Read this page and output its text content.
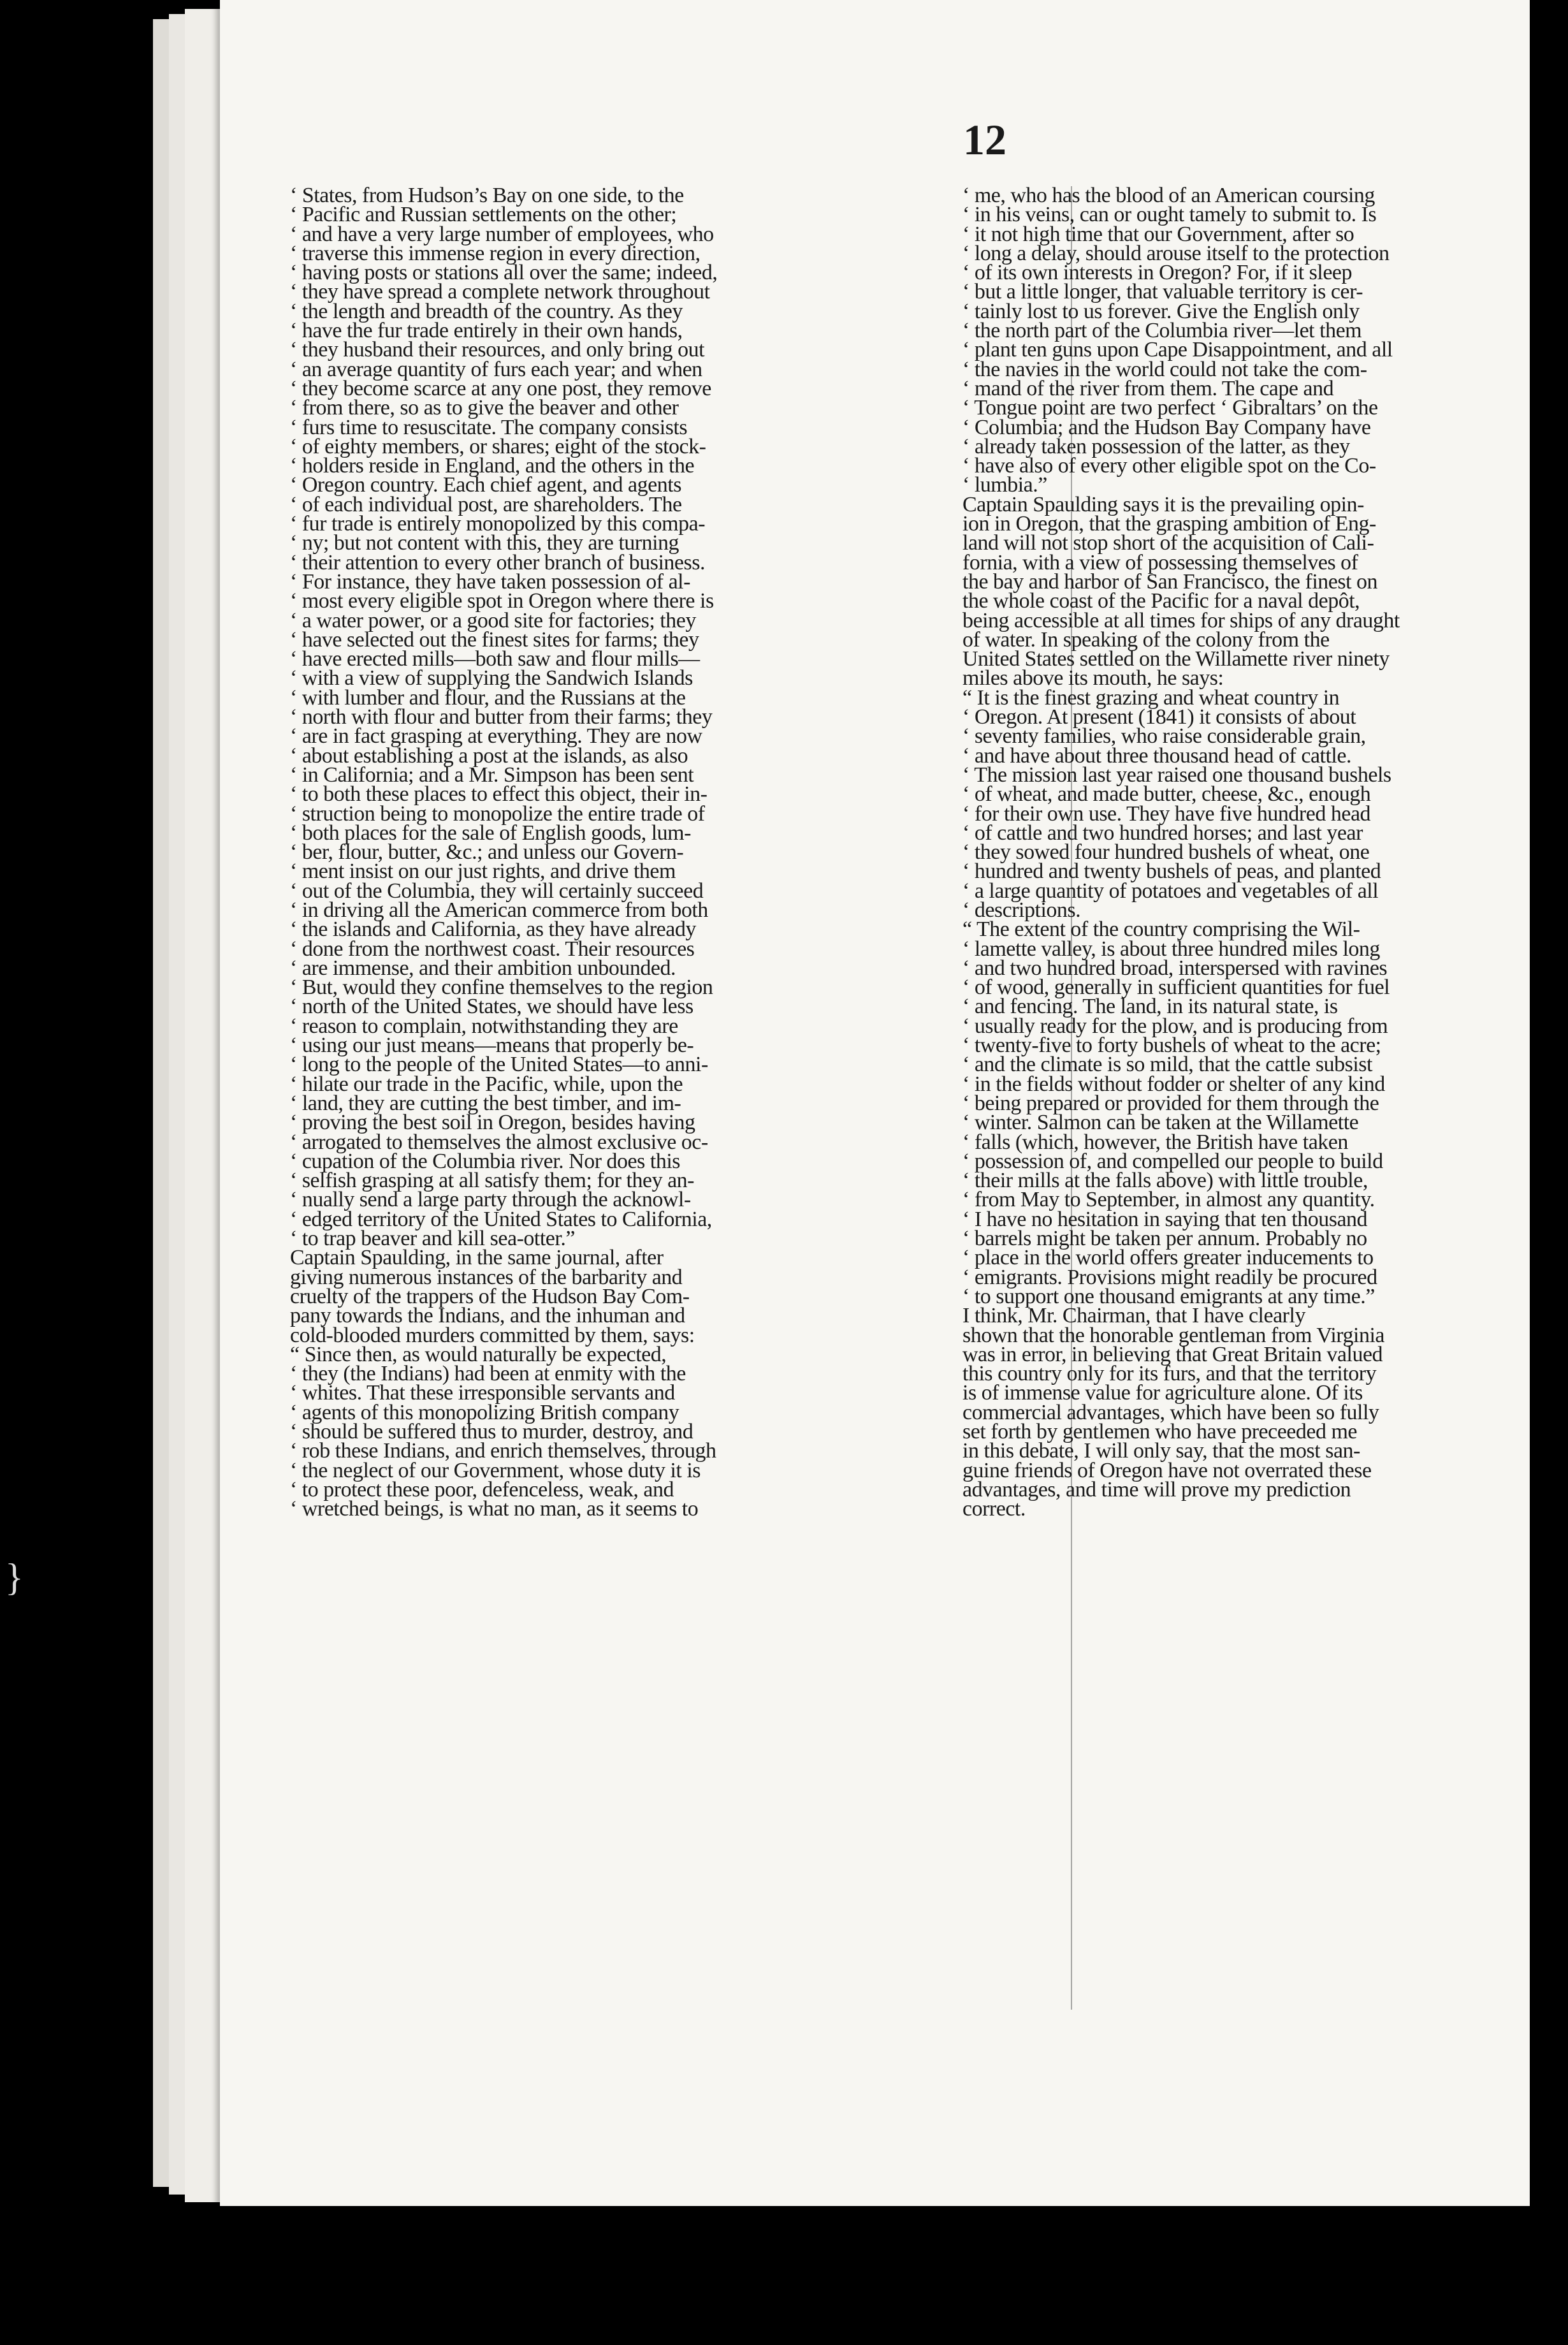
12

‘ States, from Hudson’s Bay on one side, to the

‘ Pacific and Russian settlements on the other;

‘ and have a very large number of employees, who

‘ traverse this immense region in every direction,

‘ having posts or stations all over the same; indeed,

‘ they have spread a complete network throughout

‘ the length and breadth of the country. As they

‘ have the fur trade entirely in their own hands,

‘ they husband their resources, and only bring out

‘ an average quantity of furs each year; and when

‘ they become scarce at any one post, they remove

‘ from there, so as to give the beaver and other

‘ furs time to resuscitate. The company consists

‘ of eighty members, or shares; eight of the stock-

‘ holders reside in England, and the others in the

‘ Oregon country. Each chief agent, and agents

‘ of each individual post, are shareholders. The

‘ fur trade is entirely monopolized by this compa-

‘ ny; but not content with this, they are turning

‘ their attention to every other branch of business.

‘ For instance, they have taken possession of al-

‘ most every eligible spot in Oregon where there is

‘ a water power, or a good site for factories; they

‘ have selected out the finest sites for farms; they

‘ have erected mills—both saw and flour mills—

‘ with a view of supplying the Sandwich Islands

‘ with lumber and flour, and the Russians at the

‘ north with flour and butter from their farms; they

‘ are in fact grasping at everything. They are now

‘ about establishing a post at the islands, as also

‘ in California; and a Mr. Simpson has been sent

‘ to both these places to effect this object, their in-

‘ struction being to monopolize the entire trade of

‘ both places for the sale of English goods, lum-

‘ ber, flour, butter, &c.; and unless our Govern-

‘ ment insist on our just rights, and drive them

‘ out of the Columbia, they will certainly succeed

‘ in driving all the American commerce from both

‘ the islands and California, as they have already

‘ done from the northwest coast. Their resources

‘ are immense, and their ambition unbounded.

‘ But, would they confine themselves to the region

‘ north of the United States, we should have less

‘ reason to complain, notwithstanding they are

‘ using our just means—means that properly be-

‘ long to the people of the United States—to anni-

‘ hilate our trade in the Pacific, while, upon the

‘ land, they are cutting the best timber, and im-

‘ proving the best soil in Oregon, besides having

‘ arrogated to themselves the almost exclusive oc-

‘ cupation of the Columbia river. Nor does this

‘ selfish grasping at all satisfy them; for they an-

‘ nually send a large party through the acknowl-

‘ edged territory of the United States to California,

‘ to trap beaver and kill sea-otter.”

Captain Spaulding, in the same journal, after

giving numerous instances of the barbarity and

cruelty of the trappers of the Hudson Bay Com-

pany towards the Indians, and the inhuman and

cold-blooded murders committed by them, says:

“ Since then, as would naturally be expected,

‘ they (the Indians) had been at enmity with the

‘ whites. That these irresponsible servants and

‘ agents of this monopolizing British company

‘ should be suffered thus to murder, destroy, and

‘ rob these Indians, and enrich themselves, through

‘ the neglect of our Government, whose duty it is

‘ to protect these poor, defenceless, weak, and

‘ wretched beings, is what no man, as it seems to

‘ me, who has the blood of an American coursing

‘ in his veins, can or ought tamely to submit to. Is

‘ it not high time that our Government, after so

‘ long a delay, should arouse itself to the protection

‘ of its own interests in Oregon? For, if it sleep

‘ but a little longer, that valuable territory is cer-

‘ tainly lost to us forever. Give the English only

‘ the north part of the Columbia river—let them

‘ plant ten guns upon Cape Disappointment, and all

‘ the navies in the world could not take the com-

‘ mand of the river from them. The cape and

‘ Tongue point are two perfect ‘ Gibraltars’ on the

‘ Columbia; and the Hudson Bay Company have

‘ already taken possession of the latter, as they

‘ have also of every other eligible spot on the Co-

‘ lumbia.”

Captain Spaulding says it is the prevailing opin-

ion in Oregon, that the grasping ambition of Eng-

land will not stop short of the acquisition of Cali-

fornia, with a view of possessing themselves of

the bay and harbor of San Francisco, the finest on

the whole coast of the Pacific for a naval depôt,

being accessible at all times for ships of any draught

of water. In speaking of the colony from the

United States settled on the Willamette river ninety

miles above its mouth, he says:

“ It is the finest grazing and wheat country in

‘ Oregon. At present (1841) it consists of about

‘ seventy families, who raise considerable grain,

‘ and have about three thousand head of cattle.

‘ The mission last year raised one thousand bushels

‘ of wheat, and made butter, cheese, &c., enough

‘ for their own use. They have five hundred head

‘ of cattle and two hundred horses; and last year

‘ they sowed four hundred bushels of wheat, one

‘ hundred and twenty bushels of peas, and planted

‘ a large quantity of potatoes and vegetables of all

‘ descriptions.

“ The extent of the country comprising the Wil-

‘ lamette valley, is about three hundred miles long

‘ and two hundred broad, interspersed with ravines

‘ of wood, generally in sufficient quantities for fuel

‘ and fencing. The land, in its natural state, is

‘ usually ready for the plow, and is producing from

‘ twenty-five to forty bushels of wheat to the acre;

‘ and the climate is so mild, that the cattle subsist

‘ in the fields without fodder or shelter of any kind

‘ being prepared or provided for them through the

‘ winter. Salmon can be taken at the Willamette

‘ falls (which, however, the British have taken

‘ possession of, and compelled our people to build

‘ their mills at the falls above) with little trouble,

‘ from May to September, in almost any quantity.

‘ I have no hesitation in saying that ten thousand

‘ barrels might be taken per annum. Probably no

‘ place in the world offers greater inducements to

‘ emigrants. Provisions might readily be procured

‘ to support one thousand emigrants at any time.”

I think, Mr. Chairman, that I have clearly

shown that the honorable gentleman from Virginia

was in error, in believing that Great Britain valued

this country only for its furs, and that the territory

is of immense value for agriculture alone. Of its

commercial advantages, which have been so fully

set forth by gentlemen who have preceeded me

in this debate, I will only say, that the most san-

guine friends of Oregon have not overrated these

advantages, and time will prove my prediction

correct.

}
